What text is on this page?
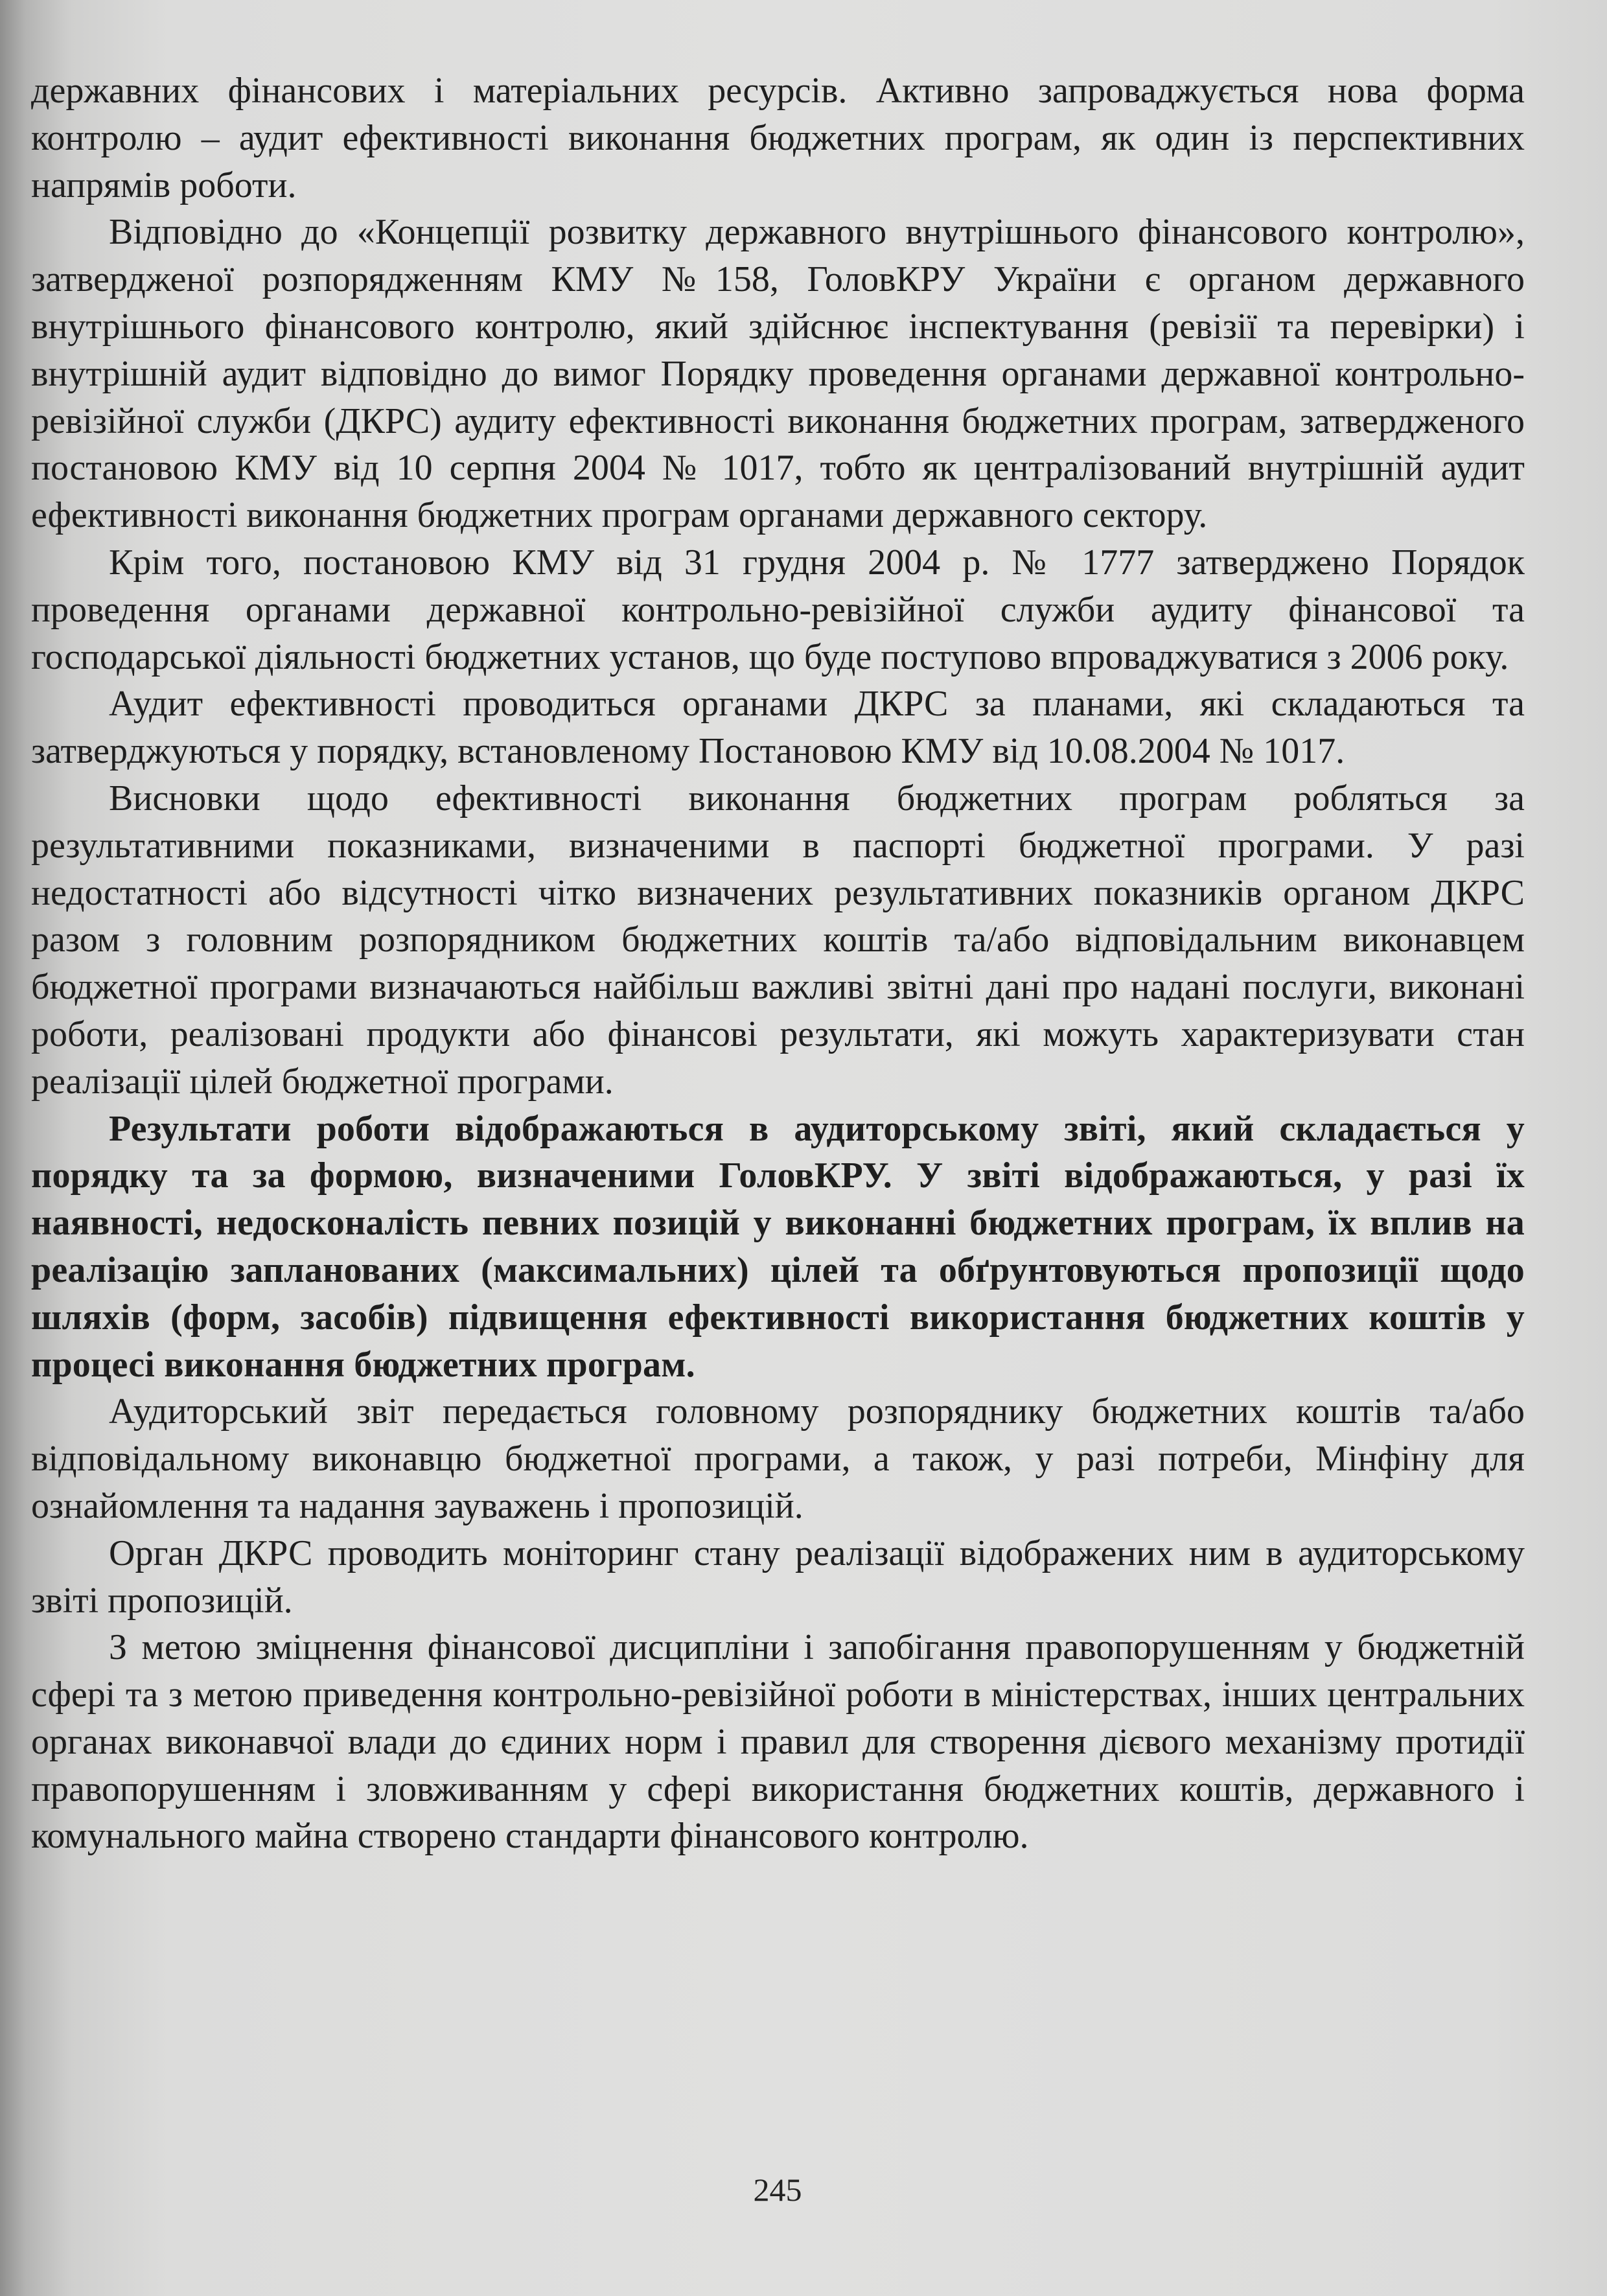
державних фінансових і матеріальних ресурсів. Активно запроваджується нова форма контролю – аудит ефективності виконання бюджетних програм, як один із перспективних напрямів роботи.

Відповідно до «Концепції розвитку державного внутрішнього фінансового контролю», затвердженої розпорядженням КМУ №158, ГоловКРУ України є органом державного внутрішнього фінансового контролю, який здійснює інспектування (ревізії та перевірки) і внутрішній аудит відповідно до вимог Порядку проведення органами державної контрольно-ревізійної служби (ДКРС) аудиту ефективності виконання бюджетних програм, затвердженого постановою КМУ від 10 серпня 2004 № 1017, тобто як централізований внутрішній аудит ефективності виконання бюджетних програм органами державного сектору.

Крім того, постановою КМУ від 31 грудня 2004 р. № 1777 затверджено Порядок проведення органами державної контрольно-ревізійної служби аудиту фінансової та господарської діяльності бюджетних установ, що буде поступово впроваджуватися з 2006 року.

Аудит ефективності проводиться органами ДКРС за планами, які складаються та затверджуються у порядку, встановленому Постановою КМУ від 10.08.2004 № 1017.

Висновки щодо ефективності виконання бюджетних програм робляться за результативними показниками, визначеними в паспорті бюджетної програми. У разі недостатності або відсутності чітко визначених результативних показників органом ДКРС разом з головним розпорядником бюджетних коштів та/або відповідальним виконавцем бюджетної програми визначаються найбільш важливі звітні дані про надані послуги, виконані роботи, реалізовані продукти або фінансові результати, які можуть характеризувати стан реалізації цілей бюджетної програми.

Результати роботи відображаються в аудиторському звіті, який складається у порядку та за формою, визначеними ГоловКРУ. У звіті відображаються, у разі їх наявності, недосконалість певних позицій у виконанні бюджетних програм, їх вплив на реалізацію запланованих (максимальних) цілей та обґрунтовуються пропозиції щодо шляхів (форм, засобів) підвищення ефективності використання бюджетних коштів у процесі виконання бюджетних програм.

Аудиторський звіт передається головному розпоряднику бюджетних коштів та/або відповідальному виконавцю бюджетної програми, а також, у разі потреби, Мінфіну для ознайомлення та надання зауважень і пропозицій.

Орган ДКРС проводить моніторинг стану реалізації відображених ним в аудиторському звіті пропозицій.

З метою зміцнення фінансової дисципліни і запобігання правопорушенням у бюджетній сфері та з метою приведення контрольно-ревізійної роботи в міністерствах, інших центральних органах виконавчої влади до єдиних норм і правил для створення дієвого механізму протидії правопорушенням і зловживанням у сфері використання бюджетних коштів, державного і комунального майна створено стандарти фінансового контролю.

245
